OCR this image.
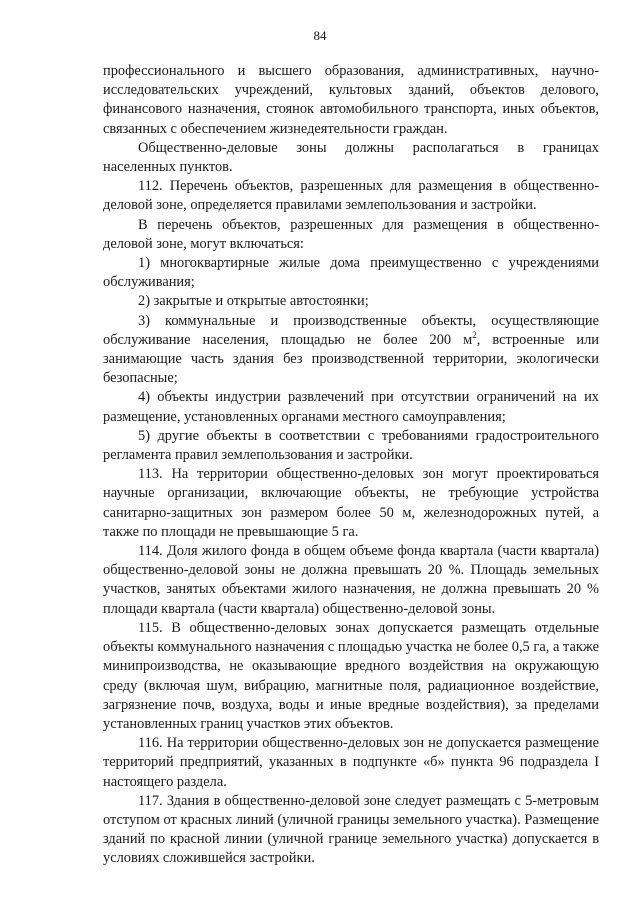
84

профессионального и высшего образования, административных, научно-исследовательских учреждений, культовых зданий, объектов делового, финансового назначения, стоянок автомобильного транспорта, иных объектов, связанных с обеспечением жизнедеятельности граждан.

Общественно-деловые зоны должны располагаться в границах населенных пунктов.

112. Перечень объектов, разрешенных для размещения в общественно-деловой зоне, определяется правилами землепользования и застройки.

В перечень объектов, разрешенных для размещения в общественно-деловой зоне, могут включаться:

1) многоквартирные жилые дома преимущественно с учреждениями обслуживания;

2) закрытые и открытые автостоянки;

3) коммунальные и производственные объекты, осуществляющие обслуживание населения, площадью не более 200 $м^2$, встроенные или занимающие часть здания без производственной территории, экологически безопасные;

4) объекты индустрии развлечений при отсутствии ограничений на их размещение, установленных органами местного самоуправления;

5) другие объекты в соответствии с требованиями градостроительного регламента правил землепользования и застройки.

113. На территории общественно-деловых зон могут проектироваться научные организации, включающие объекты, не требующие устройства санитарно-защитных зон размером более 50 м, железнодорожных путей, а также по площади не превышающие 5 га.

114. Доля жилого фонда в общем объеме фонда квартала (части квартала) общественно-деловой зоны не должна превышать 20 %. Площадь земельных участков, занятых объектами жилого назначения, не должна превышать 20 % площади квартала (части квартала) общественно-деловой зоны.

115. В общественно-деловых зонах допускается размещать отдельные объекты коммунального назначения с площадью участка не более 0,5 га, а также минипроизводства, не оказывающие вредного воздействия на окружающую среду (включая шум, вибрацию, магнитные поля, радиационное воздействие, загрязнение почв, воздуха, воды и иные вредные воздействия), за пределами установленных границ участков этих объектов.

116. На территории общественно-деловых зон не допускается размещение территорий предприятий, указанных в подпункте «б» пункта 96 подраздела I настоящего раздела.

117. Здания в общественно-деловой зоне следует размещать с 5-метровым отступом от красных линий (уличной границы земельного участка). Размещение зданий по красной линии (уличной границе земельного участка) допускается в условиях сложившейся застройки.
